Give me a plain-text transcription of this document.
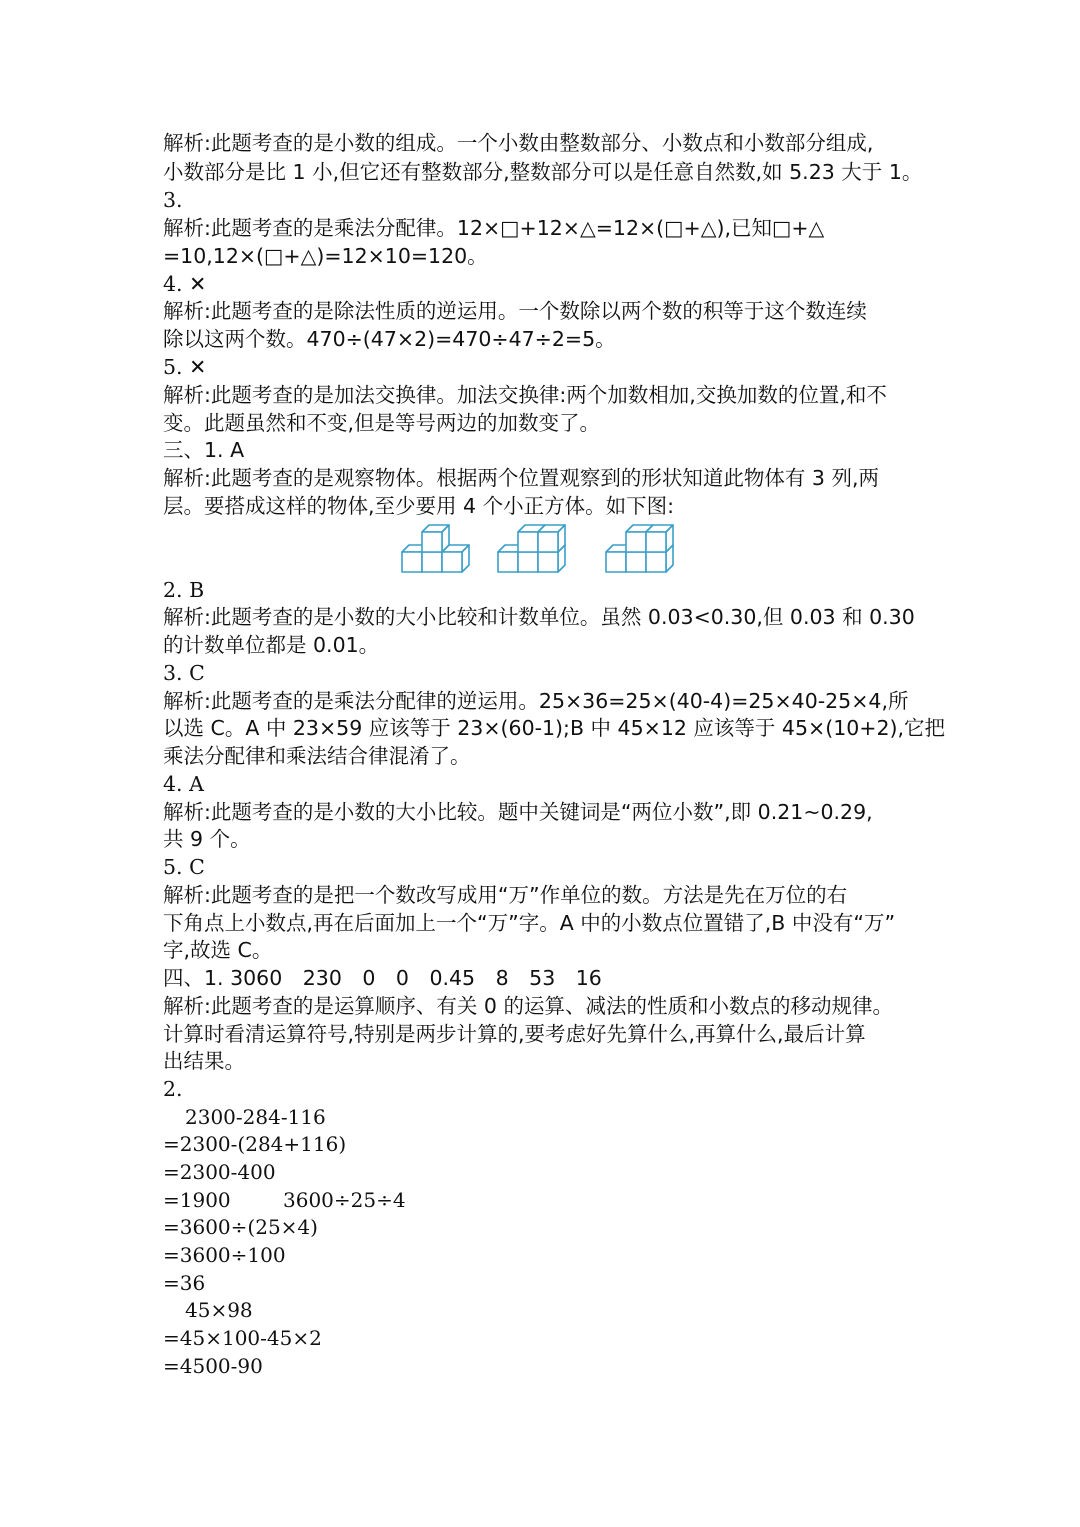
解析:此题考查的是小数的组成。一个小数由整数部分、小数点和小数部分组成,
小数部分是比 1 小,但它还有整数部分,整数部分可以是任意自然数,如 5.23 大于 1。
3.
解析:此题考查的是乘法分配律。12×□+12×△=12×(□+△),已知□+△
=10,12×(□+△)=12×10=120。
4. ✕
解析:此题考查的是除法性质的逆运用。一个数除以两个数的积等于这个数连续
除以这两个数。470÷(47×2)=470÷47÷2=5。
5. ✕
解析:此题考查的是加法交换律。加法交换律:两个加数相加,交换加数的位置,和不
变。此题虽然和不变,但是等号两边的加数变了。
三、1. A
解析:此题考查的是观察物体。根据两个位置观察到的形状知道此物体有 3 列,两
层。要搭成这样的物体,至少要用 4 个小正方体。如下图:
2. B
解析:此题考查的是小数的大小比较和计数单位。虽然 0.03<0.30,但 0.03 和 0.30
的计数单位都是 0.01。
3. C
解析:此题考查的是乘法分配律的逆运用。25×36=25×(40-4)=25×40-25×4,所
以选 C。A 中 23×59 应该等于 23×(60-1);B 中 45×12 应该等于 45×(10+2),它把
乘法分配律和乘法结合律混淆了。
4. A
解析:此题考查的是小数的大小比较。题中关键词是“两位小数”,即 0.21~0.29,
共 9 个。
5. C
解析:此题考查的是把一个数改写成用“万”作单位的数。方法是先在万位的右
下角点上小数点,再在后面加上一个“万”字。A 中的小数点位置错了,B 中没有“万”
字,故选 C。
四、1. 3060　230　0　0　0.45　8　53　16
解析:此题考查的是运算顺序、有关 0 的运算、减法的性质和小数点的移动规律。
计算时看清运算符号,特别是两步计算的,要考虑好先算什么,再算什么,最后计算
出结果。
2.
2300-284-116
=2300-(284+116)
=2300-400
=1900	3600÷25÷4
=3600÷(25×4)
=3600÷100
=36
45×98
=45×100-45×2
=4500-90
